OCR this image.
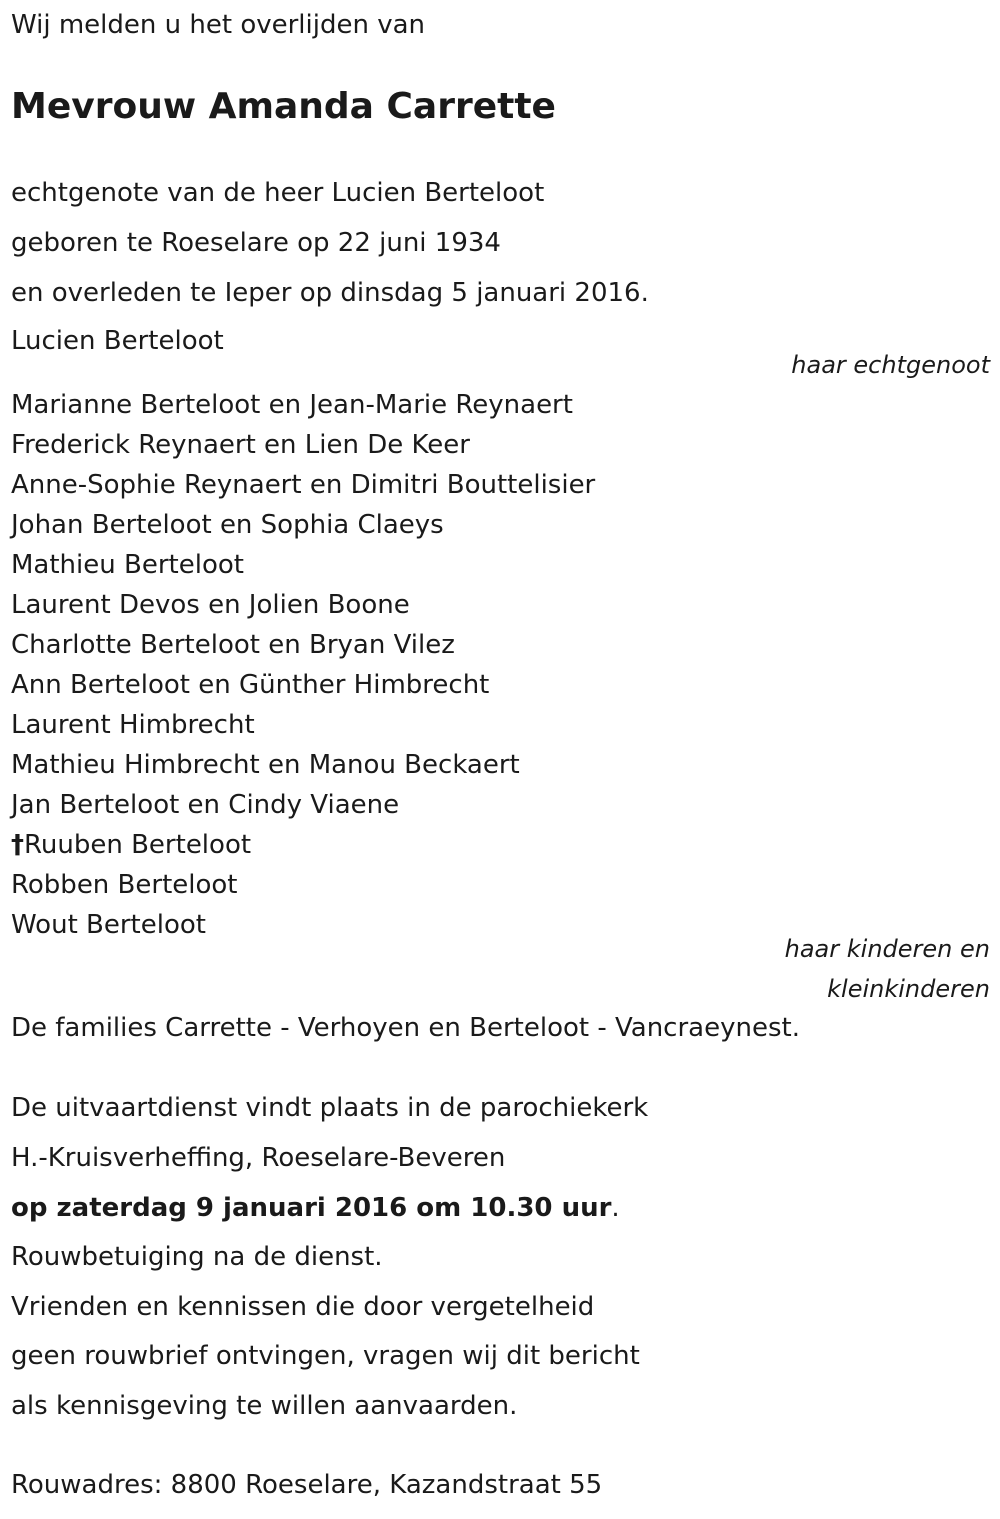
Wij melden u het overlijden van
Mevrouw Amanda Carrette
echtgenote van de heer Lucien Berteloot
geboren te Roeselare op 22 juni 1934
en overleden te Ieper op dinsdag 5 januari 2016.
Lucien Berteloot
haar echtgenoot
Marianne Berteloot en Jean-Marie Reynaert
Frederick Reynaert en Lien De Keer
Anne-Sophie Reynaert en Dimitri Bouttelisier
Johan Berteloot en Sophia Claeys
Mathieu Berteloot
Laurent Devos en Jolien Boone
Charlotte Berteloot en Bryan Vilez
Ann Berteloot en Günther Himbrecht
Laurent Himbrecht
Mathieu Himbrecht en Manou Beckaert
Jan Berteloot en Cindy Viaene
†Ruuben Berteloot
Robben Berteloot
Wout Berteloot
haar kinderen en
kleinkinderen
De families Carrette - Verhoyen en Berteloot - Vancraeynest.
De uitvaartdienst vindt plaats in de parochiekerk
H.-Kruisverheffing, Roeselare-Beveren
op zaterdag 9 januari 2016 om 10.30 uur.
Rouwbetuiging na de dienst.
Vrienden en kennissen die door vergetelheid
geen rouwbrief ontvingen, vragen wij dit bericht
als kennisgeving te willen aanvaarden.
Rouwadres: 8800 Roeselare, Kazandstraat 55
